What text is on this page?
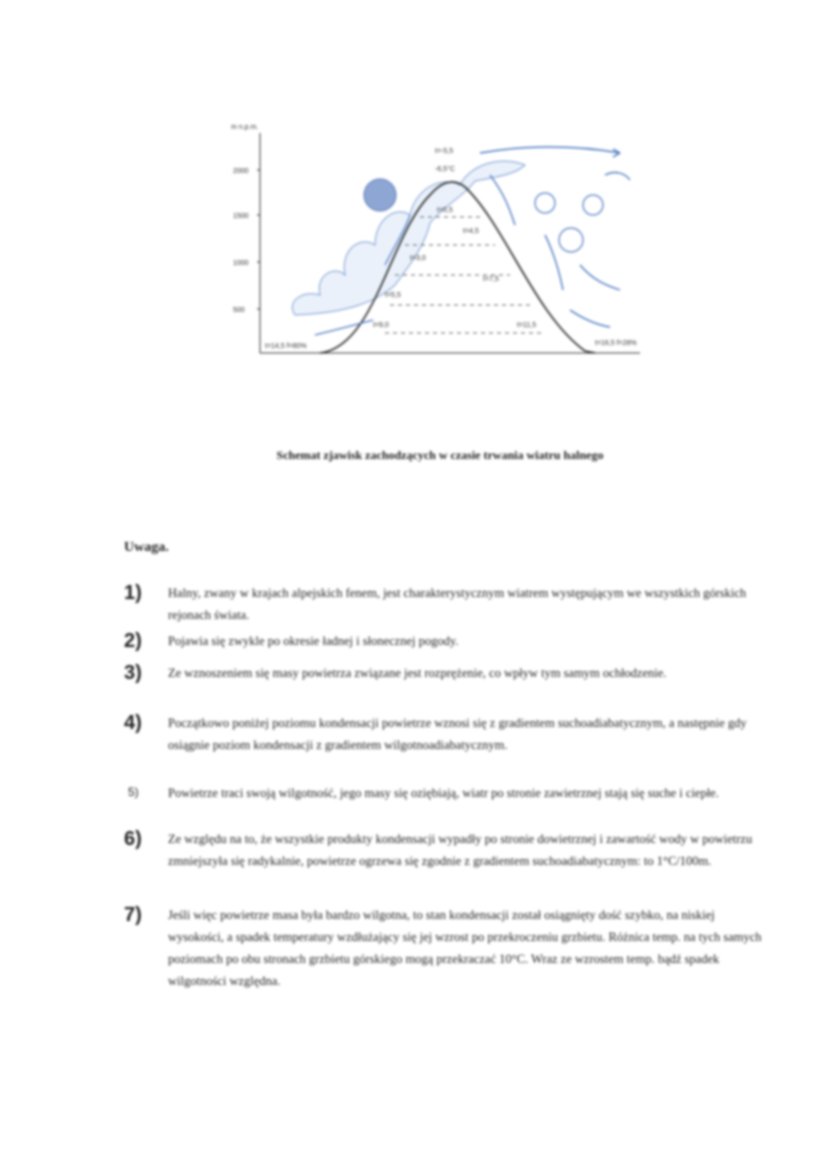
m n.p.m.
2000
1500
1000
500
t=-5,5
-6,5°C
t=0,5
t=3,0
t=5,5
t=9,0
t=4,5
t=7,5
t=11,5
t=14,5 f=80%	t=16,5 f=28%
Schemat zjawisk zachodzących w czasie trwania wiatru halnego
Uwaga.
1)	Halny, zwany w krajach alpejskich fenem, jest charakterystycznym wiatrem występującym we wszystkich górskich rejonach świata.
2)	Pojawia się zwykle po okresie ładnej i słonecznej pogody.
3)	Ze wznoszeniem się masy powietrza związane jest rozprężenie, co wpływ tym samym ochłodzenie.
4)	Początkowo poniżej poziomu kondensacji powietrze wznosi się z gradientem suchoadiabatycznym, a następnie gdy osiągnie poziom kondensacji z gradientem wilgotnoadiabatycznym.
5)	Powietrze traci swoją wilgotność, jego masy się oziębiają, wiatr po stronie zawietrznej stają się suche i ciepłe.
6)	Ze względu na to, że wszystkie produkty kondensacji wypadły po stronie dowietrznej i zawartość wody w powietrzu zmniejszyła się radykalnie, powietrze ogrzewa się zgodnie z gradientem suchoadiabatycznym: to 1°C/100m.
7)	Jeśli więc powietrze masa była bardzo wilgotna, to stan kondensacji został osiągnięty dość szybko, na niskiej wysokości, a spadek temperatury wzdłużający się jej wzrost po przekroczeniu grzbietu. Różnica temp. na tych samych poziomach po obu stronach grzbietu górskiego mogą przekraczać 10°C. Wraz ze wzrostem temp. bądź spadek wilgotności względna.
